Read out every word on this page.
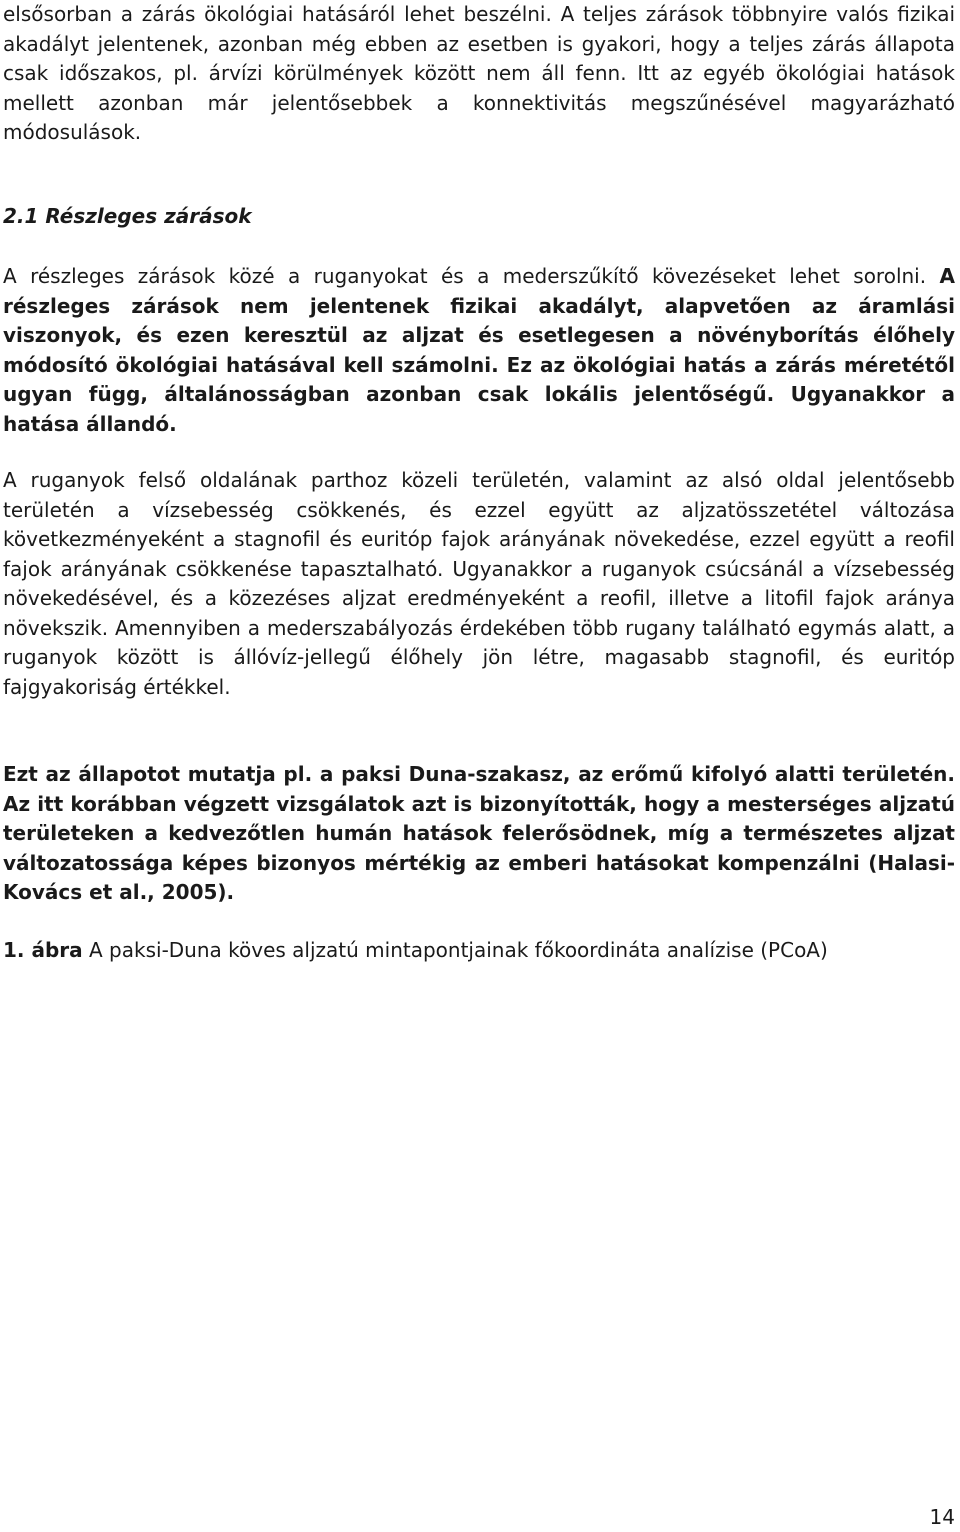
elsősorban a zárás ökológiai hatásáról lehet beszélni. A teljes zárások többnyire valós fizikai akadályt jelentenek, azonban még ebben az esetben is gyakori, hogy a teljes zárás állapota csak időszakos, pl. árvízi körülmények között nem áll fenn. Itt az egyéb ökológiai hatások mellett azonban már jelentősebbek a konnektivitás megszűnésével magyarázható módosulások.

2.1 Részleges zárások

A részleges zárások közé a ruganyokat és a mederszűkítő kövezéseket lehet sorolni. A részleges zárások nem jelentenek fizikai akadályt, alapvetően az áramlási viszonyok, és ezen keresztül az aljzat és esetlegesen a növényborítás élőhely módosító ökológiai hatásával kell számolni. Ez az ökológiai hatás a zárás méretétől ugyan függ, általánosságban azonban csak lokális jelentőségű. Ugyanakkor a hatása állandó.

A ruganyok felső oldalának parthoz közeli területén, valamint az alsó oldal jelentősebb területén a vízsebesség csökkenés, és ezzel együtt az aljzatösszetétel változása következményeként a stagnofil és euritóp fajok arányának növekedése, ezzel együtt a reofil fajok arányának csökkenése tapasztalható. Ugyanakkor a ruganyok csúcsánál a vízsebesség növekedésével, és a közezéses aljzat eredményeként a reofil, illetve a litofil fajok aránya növekszik. Amennyiben a mederszabályozás érdekében több rugany található egymás alatt, a ruganyok között is állóvíz-jellegű élőhely jön létre, magasabb stagnofil, és euritóp fajgyakoriság értékkel.

Ezt az állapotot mutatja pl. a paksi Duna-szakasz, az erőmű kifolyó alatti területén. Az itt korábban végzett vizsgálatok azt is bizonyították, hogy a mesterséges aljzatú területeken a kedvezőtlen humán hatások felerősödnek, míg a természetes aljzat változatossága képes bizonyos mértékig az emberi hatásokat kompenzálni (Halasi-Kovács et al., 2005).

1. ábra A paksi-Duna köves aljzatú mintapontjainak főkoordináta analízise (PCoA)

14
